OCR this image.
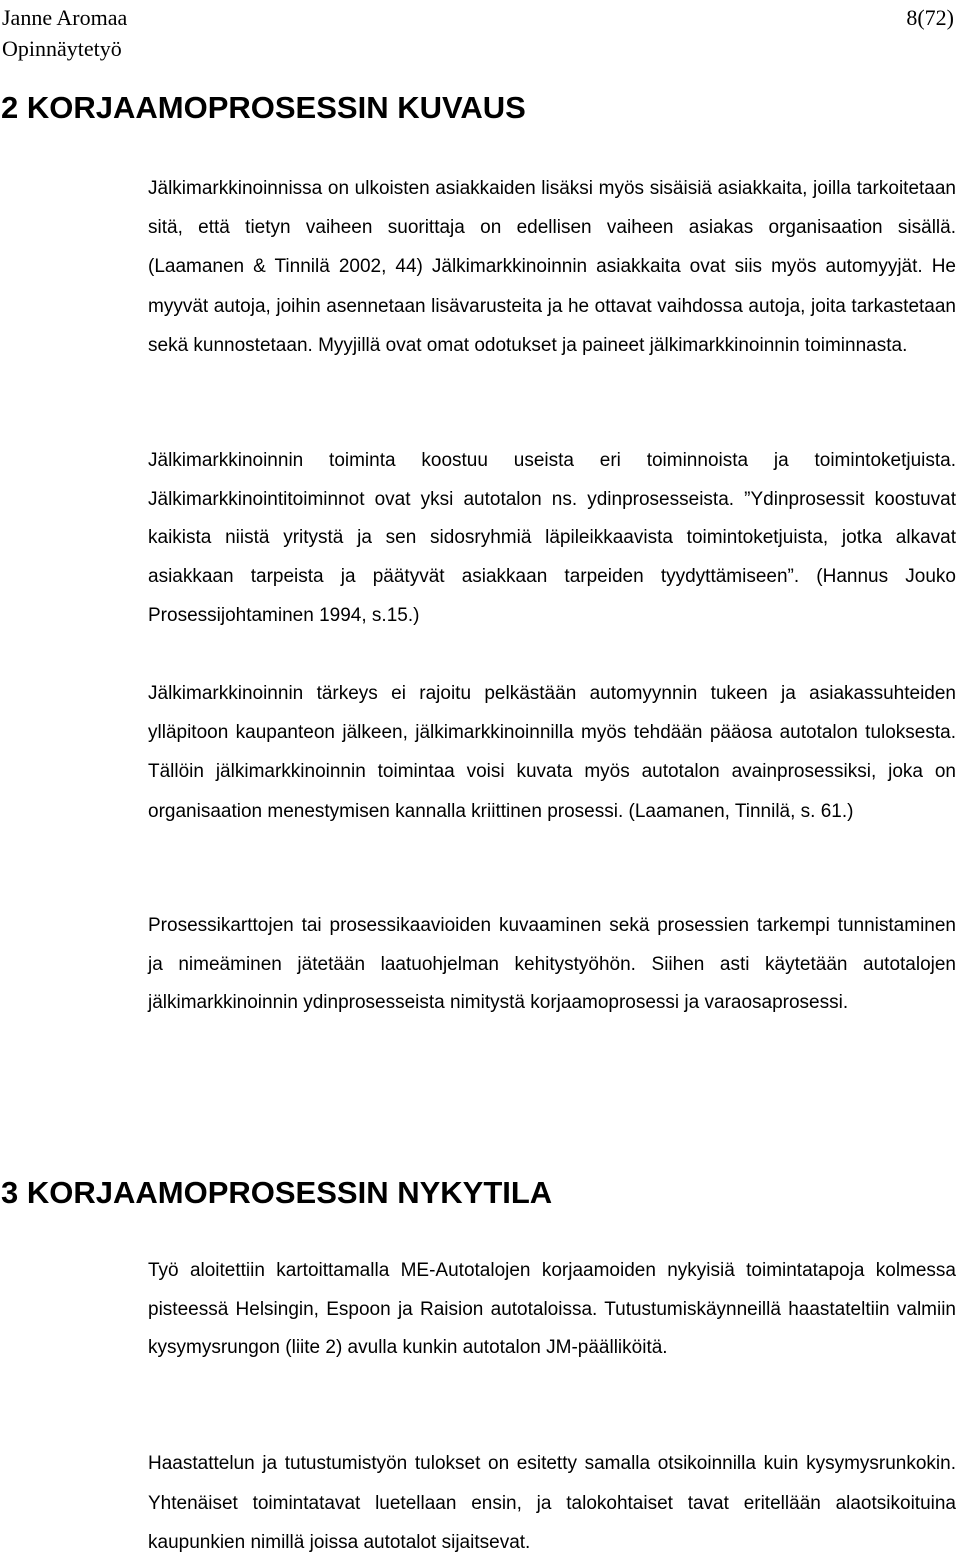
Janne Aromaa
Opinnäytetyö
8(72)
2 KORJAAMOPROSESSIN KUVAUS

Jälkimarkkinoinnissa on ulkoisten asiakkaiden lisäksi myös sisäisiä asiakkaita, joilla tarkoitetaan sitä, että tietyn vaiheen suorittaja on edellisen vaiheen asiakas organisaation sisällä. (Laamanen & Tinnilä 2002, 44) Jälkimarkkinoinnin asiakkaita ovat siis myös automyyjät. He myyvät autoja, joihin asennetaan lisävarusteita ja he ottavat vaihdossa autoja, joita tarkastetaan sekä kunnostetaan. Myyjillä ovat omat odotukset ja paineet jälkimarkkinoinnin toiminnasta.

Jälkimarkkinoinnin toiminta koostuu useista eri toiminnoista ja toimintoketjuista. Jälkimarkkinointitoiminnot ovat yksi autotalon ns. ydinprosesseista. ”Ydinprosessit koostuvat kaikista niistä yritystä ja sen sidosryhmiä läpileikkaavista toimintoketjuista, jotka alkavat asiakkaan tarpeista ja päätyvät asiakkaan tarpeiden tyydyttämiseen”. (Hannus Jouko Prosessijohtaminen 1994, s.15.)

Jälkimarkkinoinnin tärkeys ei rajoitu pelkästään automyynnin tukeen ja asiakassuhteiden ylläpitoon kaupanteon jälkeen, jälkimarkkinoinnilla myös tehdään pääosa autotalon tuloksesta. Tällöin jälkimarkkinoinnin toimintaa voisi kuvata myös autotalon avainprosessiksi, joka on organisaation menestymisen kannalla kriittinen prosessi. (Laamanen, Tinnilä, s. 61.)

Prosessikarttojen tai prosessikaavioiden kuvaaminen sekä prosessien tarkempi tunnistaminen ja nimeäminen jätetään laatuohjelman kehitystyöhön. Siihen asti käytetään autotalojen jälkimarkkinoinnin ydinprosesseista nimitystä korjaamoprosessi ja varaosaprosessi.

3 KORJAAMOPROSESSIN NYKYTILA

Työ aloitettiin kartoittamalla ME-Autotalojen korjaamoiden nykyisiä toimintatapoja kolmessa pisteessä Helsingin, Espoon ja Raision autotaloissa. Tutustumiskäynneillä haastateltiin valmiin kysymysrungon (liite 2) avulla kunkin autotalon JM-päälliköitä.

Haastattelun ja tutustumistyön tulokset on esitetty samalla otsikoinnilla kuin kysymysrunkokin. Yhtenäiset toimintatavat luetellaan ensin, ja talokohtaiset tavat eritellään alaotsikoituina kaupunkien nimillä joissa autotalot sijaitsevat.
